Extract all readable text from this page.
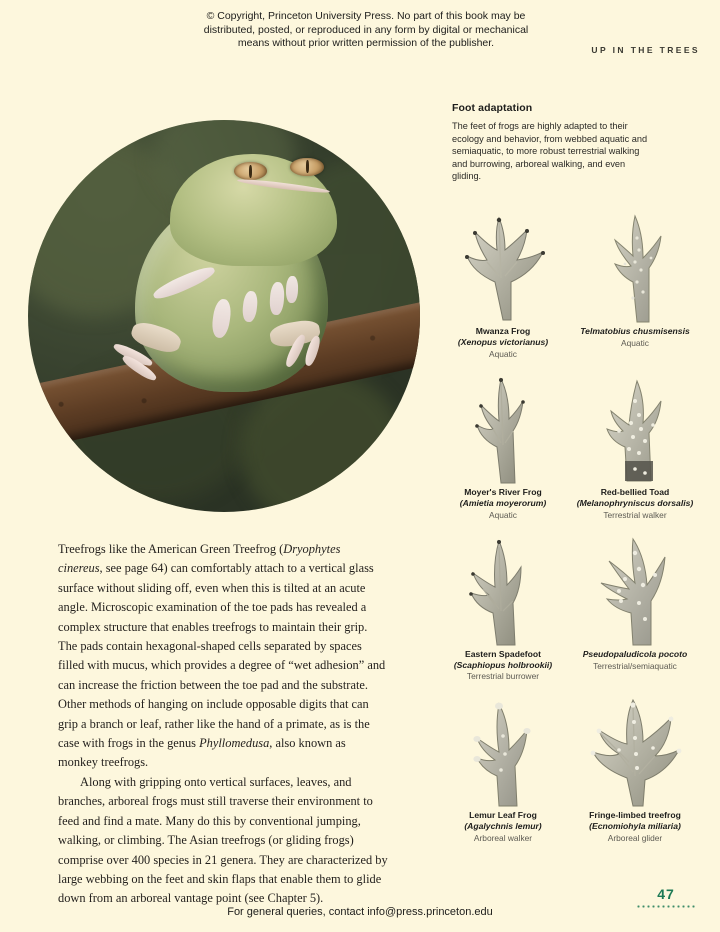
© Copyright, Princeton University Press. No part of this book may be distributed, posted, or reproduced in any form by digital or mechanical means without prior written permission of the publisher.
UP IN THE TREES
Foot adaptation

The feet of frogs are highly adapted to their ecology and behavior, from webbed aquatic and semiaquatic, to more robust terrestrial walking and burrowing, arboreal walking, and even gliding.

Mwanza Frog
(Xenopus victorianus)
Aquatic
Telmatobius chusmisensis
Aquatic
Moyer's River Frog
(Amietia moyerorum)
Aquatic
Red-bellied Toad
(Melanophryniscus dorsalis)
Terrestrial walker
Eastern Spadefoot
(Scaphiopus holbrookii)
Terrestrial burrower
Pseudopaludicola pocoto
Terrestrial/semiaquatic
Lemur Leaf Frog
(Agalychnis lemur)
Arboreal walker
Fringe-limbed treefrog
(Ecnomiohyla miliaria)
Arboreal glider

Treefrogs like the American Green Treefrog (Dryophytes cinereus, see page 64) can comfortably attach to a vertical glass surface without sliding off, even when this is tilted at an acute angle. Microscopic examination of the toe pads has revealed a complex structure that enables treefrogs to maintain their grip. The pads contain hexagonal-shaped cells separated by spaces filled with mucus, which provides a degree of “wet adhesion” and can increase the friction between the toe pad and the substrate. Other methods of hanging on include opposable digits that can grip a branch or leaf, rather like the hand of a primate, as is the case with frogs in the genus Phyllomedusa, also known as monkey treefrogs.

Along with gripping onto vertical surfaces, leaves, and branches, arboreal frogs must still traverse their environment to feed and find a mate. Many do this by conventional jumping, walking, or climbing. The Asian treefrogs (or gliding frogs) comprise over 400 species in 21 genera. They are characterized by large webbing on the feet and skin flaps that enable them to glide down from an arboreal vantage point (see Chapter 5).	47
For general queries, contact info@press.princeton.edu
